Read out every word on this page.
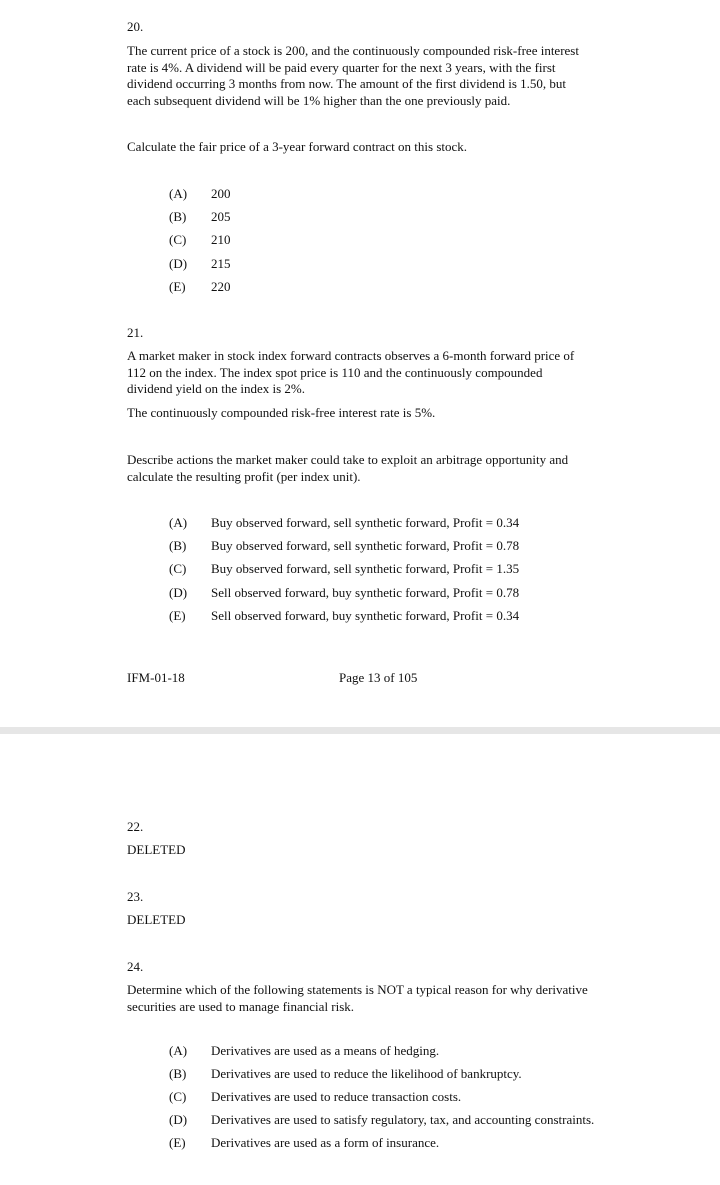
20.
The current price of a stock is 200, and the continuously compounded risk-free interest
rate is 4%. A dividend will be paid every quarter for the next 3 years, with the first
dividend occurring 3 months from now. The amount of the first dividend is 1.50, but
each subsequent dividend will be 1% higher than the one previously paid.
Calculate the fair price of a 3-year forward contract on this stock.
(A) 200
(B) 205
(C) 210
(D) 215
(E) 220
21.
A market maker in stock index forward contracts observes a 6-month forward price of
112 on the index. The index spot price is 110 and the continuously compounded
dividend yield on the index is 2%.
The continuously compounded risk-free interest rate is 5%.
Describe actions the market maker could take to exploit an arbitrage opportunity and
calculate the resulting profit (per index unit).
(A) Buy observed forward, sell synthetic forward, Profit = 0.34
(B) Buy observed forward, sell synthetic forward, Profit = 0.78
(C) Buy observed forward, sell synthetic forward, Profit = 1.35
(D) Sell observed forward, buy synthetic forward, Profit = 0.78
(E) Sell observed forward, buy synthetic forward, Profit = 0.34
IFM-01-18	Page 13 of 105
22.
DELETED
23.
DELETED
24.
Determine which of the following statements is NOT a typical reason for why derivative
securities are used to manage financial risk.
(A) Derivatives are used as a means of hedging.
(B) Derivatives are used to reduce the likelihood of bankruptcy.
(C) Derivatives are used to reduce transaction costs.
(D) Derivatives are used to satisfy regulatory, tax, and accounting constraints.
(E) Derivatives are used as a form of insurance.
